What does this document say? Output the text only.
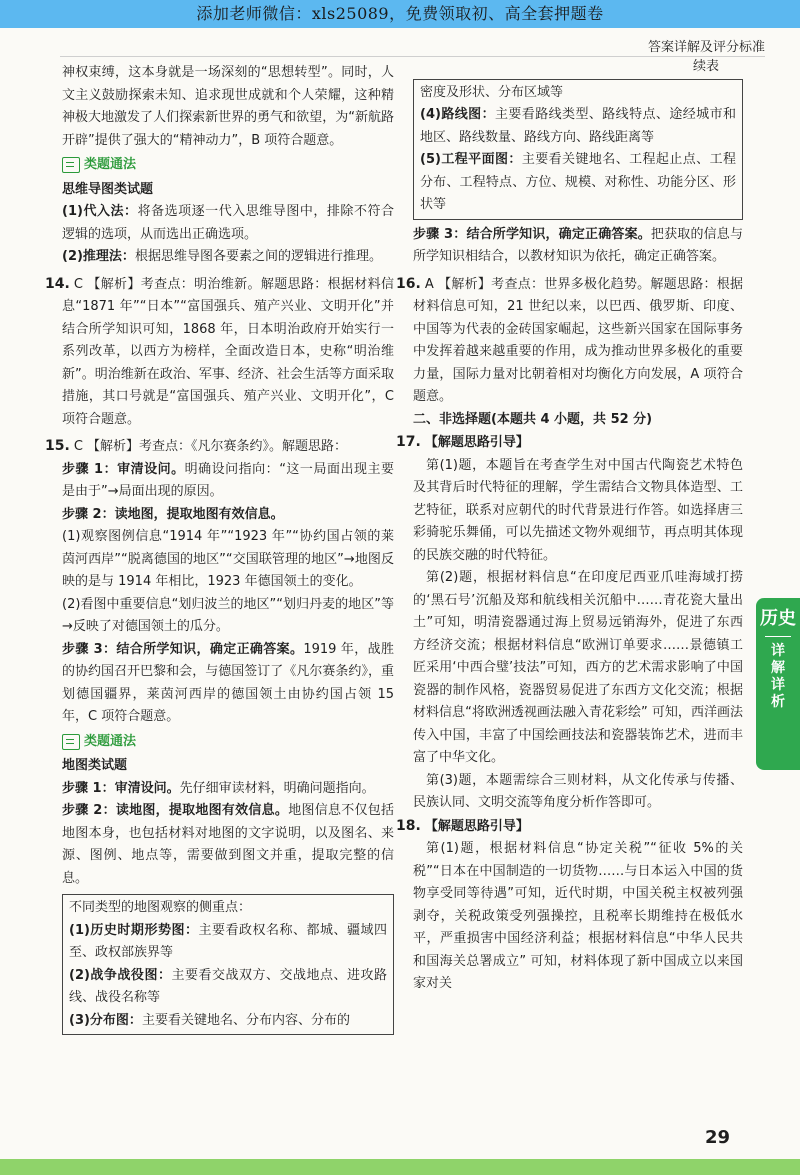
添加老师微信：xls25089，免费领取初、高全套押题卷
答案详解及评分标准

神权束缚，这本身就是一场深刻的“思想转型”。同时，人文主义鼓励探索未知、追求现世成就和个人荣耀，这种精神极大地激发了人们探索新世界的勇气和欲望，为“新航路开辟”提供了强大的“精神动力”，B 项符合题意。

类题通法

思维导图类试题

(1)代入法：将备选项逐一代入思维导图中，排除不符合逻辑的选项，从而选出正确选项。

(2)推理法：根据思维导图各要素之间的逻辑进行推理。

14. C 【解析】考查点：明治维新。解题思路：根据材料信息“1871 年”“日本”“富国强兵、殖产兴业、文明开化”并结合所学知识可知，1868 年，日本明治政府开始实行一系列改革，以西方为榜样，全面改造日本，史称“明治维新”。明治维新在政治、军事、经济、社会生活等方面采取措施，其口号就是“富国强兵、殖产兴业、文明开化”，C 项符合题意。

15. C 【解析】考查点：《凡尔赛条约》。解题思路：

步骤 1：审清设问。明确设问指向：“这一局面出现主要是由于”→局面出现的原因。

步骤 2：读地图，提取地图有效信息。

(1)观察图例信息“1914 年”“1923 年”“协约国占领的莱茵河西岸”“脱离德国的地区”“交国联管理的地区”→地图反映的是与 1914 年相比，1923 年德国领土的变化。

(2)看图中重要信息“划归波兰的地区”“划归丹麦的地区”等→反映了对德国领土的瓜分。

步骤 3：结合所学知识，确定正确答案。1919 年，战胜的协约国召开巴黎和会，与德国签订了《凡尔赛条约》，重划德国疆界，莱茵河西岸的德国领土由协约国占领 15 年，C 项符合题意。

类题通法

地图类试题

步骤 1：审清设问。先仔细审读材料，明确问题指向。

步骤 2：读地图，提取地图有效信息。地图信息不仅包括地图本身，也包括材料对地图的文字说明，以及图名、来源、图例、地点等，需要做到图文并重，提取完整的信息。

不同类型的地图观察的侧重点：

(1)历史时期形势图：主要看政权名称、都城、疆域四至、政权部族界等

(2)战争战役图：主要看交战双方、交战地点、进攻路线、战役名称等

(3)分布图：主要看关键地名、分布内容、分布的

续表

密度及形状、分布区域等

(4)路线图：主要看路线类型、路线特点、途经城市和地区、路线数量、路线方向、路线距离等

(5)工程平面图：主要看关键地名、工程起止点、工程分布、工程特点、方位、规模、对称性、功能分区、形状等

步骤 3：结合所学知识，确定正确答案。把获取的信息与所学知识相结合，以教材知识为依托，确定正确答案。

16. A 【解析】考查点：世界多极化趋势。解题思路：根据材料信息可知，21 世纪以来，以巴西、俄罗斯、印度、中国等为代表的金砖国家崛起，这些新兴国家在国际事务中发挥着越来越重要的作用，成为推动世界多极化的重要力量，国际力量对比朝着相对均衡化方向发展，A 项符合题意。

二、非选择题(本题共 4 小题，共 52 分)

17. 【解题思路引导】

第(1)题，本题旨在考查学生对中国古代陶瓷艺术特色及其背后时代特征的理解，学生需结合文物具体造型、工艺特征，联系对应朝代的时代背景进行作答。如选择唐三彩骑驼乐舞俑，可以先描述文物外观细节，再点明其体现的民族交融的时代特征。

第(2)题，根据材料信息“在印度尼西亚爪哇海域打捞的‘黑石号’沉船及郑和航线相关沉船中……青花瓷大量出土”可知，明清瓷器通过海上贸易远销海外，促进了东西方经济交流；根据材料信息“欧洲订单要求……景德镇工匠采用‘中西合璧’技法”可知，西方的艺术需求影响了中国瓷器的制作风格，瓷器贸易促进了东西方文化交流；根据材料信息“将欧洲透视画法融入青花彩绘” 可知，西洋画法传入中国，丰富了中国绘画技法和瓷器装饰艺术，进而丰富了中华文化。

第(3)题，本题需综合三则材料，从文化传承与传播、民族认同、文明交流等角度分析作答即可。

18. 【解题思路引导】

第(1)题，根据材料信息“协定关税”“征收 5%的关税”“日本在中国制造的一切货物……与日本运入中国的货物享受同等待遇”可知，近代时期，中国关税主权被列强剥夺，关税政策受列强操控，且税率长期维持在极低水平，严重损害中国经济利益；根据材料信息“中华人民共和国海关总署成立” 可知，材料体现了新中国成立以来国家对关

历史
详
解
详
析
29
